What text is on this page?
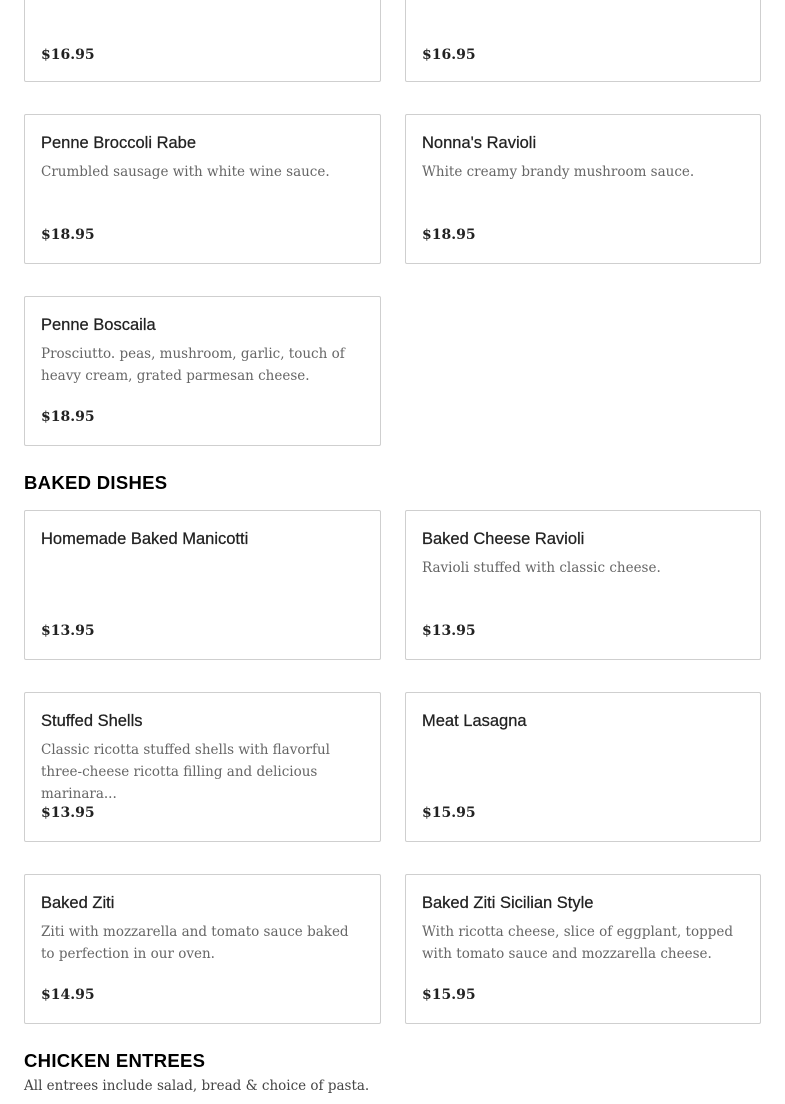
$16.95	$16.95
Penne Broccoli Rabe
Crumbled sausage with white wine sauce.
$18.95
Nonna's Ravioli
White creamy brandy mushroom sauce.
$18.95
Penne Boscaila
Prosciutto. peas, mushroom, garlic, touch of heavy cream, grated parmesan cheese.
$18.95
BAKED DISHES
Homemade Baked Manicotti
$13.95
Baked Cheese Ravioli
Ravioli stuffed with classic cheese.
$13.95
Stuffed Shells
Classic ricotta stuffed shells with flavorful three-cheese ricotta filling and delicious marinara...
$13.95
Meat Lasagna
$15.95
Baked Ziti
Ziti with mozzarella and tomato sauce baked to perfection in our oven.
$14.95
Baked Ziti Sicilian Style
With ricotta cheese, slice of eggplant, topped with tomato sauce and mozzarella cheese.
$15.95
CHICKEN ENTREES

All entrees include salad, bread & choice of pasta.
